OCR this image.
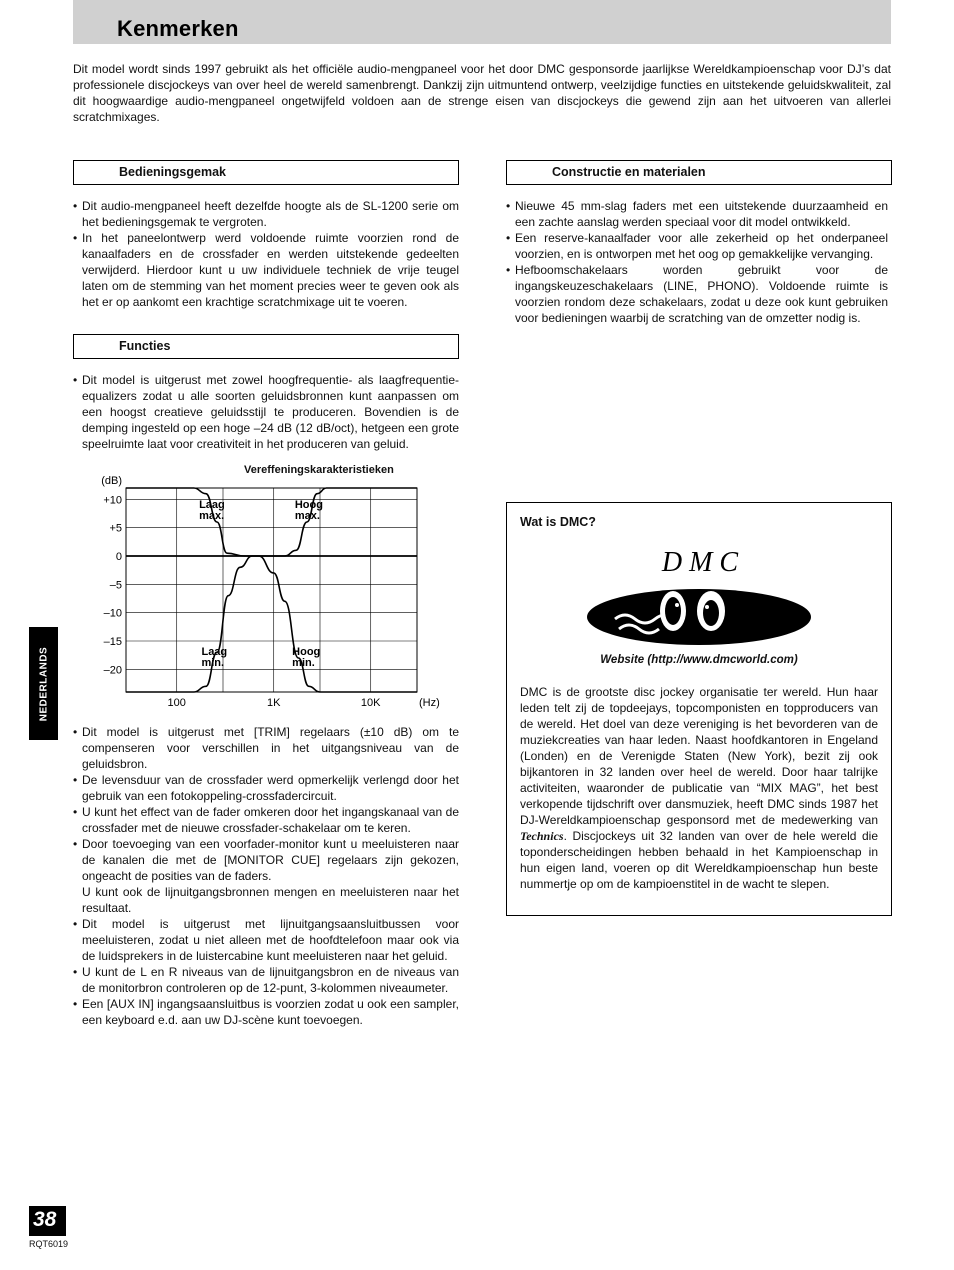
Kenmerken

Dit model wordt sinds 1997 gebruikt als het officiële audio-mengpaneel voor het door DMC gesponsorde jaarlijkse Wereldkampioenschap voor DJ’s dat professionele discjockeys van over heel de wereld samenbrengt. Dankzij zijn uitmuntend ontwerp, veelzijdige functies en uitstekende geluidskwaliteit, zal dit hoogwaardige audio-mengpaneel ongetwijfeld voldoen aan de strenge eisen van discjockeys die gewend zijn aan het uitvoeren van allerlei scratchmixages.

Bedieningsgemak
• Dit audio-mengpaneel heeft dezelfde hoogte als de SL-1200 serie om het bedieningsgemak te vergroten.
• In het paneelontwerp werd voldoende ruimte voorzien rond de kanaalfaders en de crossfader en werden uitstekende gedeelten verwijderd. Hierdoor kunt u uw individuele techniek de vrije teugel laten om de stemming van het moment precies weer te geven ook als het er op aankomt een krachtige scratchmixage uit te voeren.
Functies
• Dit model is uitgerust met zowel hoogfrequentie- als laagfrequentie-equalizers zodat u alle soorten geluidsbronnen kunt aanpassen om een hoogst creatieve geluidsstijl te produceren. Bovendien is de demping ingesteld op een hoge –24 dB (12 dB/oct), hetgeen een grote speelruimte laat voor creativiteit in het produceren van geluid.
Vereffeningskarakteristieken
+10
+5
0
–5
–10
–15
–20
100	1K	10K
(dB)
(Hz)
Laag
max.
Hoog
max.
Laag
min.
Hoog
min.
• Dit model is uitgerust met [TRIM] regelaars (±10 dB) om te compenseren voor verschillen in het uitgangsniveau van de geluidsbron.
• De levensduur van de crossfader werd opmerkelijk verlengd door het gebruik van een fotokoppeling-crossfadercircuit.
• U kunt het effect van de fader omkeren door het ingangskanaal van de crossfader met de nieuwe crossfader-schakelaar om te keren.
• Door toevoeging van een voorfader-monitor kunt u meeluisteren naar de kanalen die met de [MONITOR CUE] regelaars zijn gekozen, ongeacht de posities van de faders.
U kunt ook de lijnuitgangsbronnen mengen en meeluisteren naar het resultaat.
• Dit model is uitgerust met lijnuitgangsaansluitbussen voor meeluisteren, zodat u niet alleen met de hoofdtelefoon maar ook via de luidsprekers in de luistercabine kunt meeluisteren naar het geluid.
• U kunt de L en R niveaus van de lijnuitgangsbron en de niveaus van de monitorbron controleren op de 12-punt, 3-kolommen niveaumeter.
• Een [AUX IN] ingangsaansluitbus is voorzien zodat u ook een sampler, een keyboard e.d. aan uw DJ-scène kunt toevoegen.
Constructie en materialen
• Nieuwe 45 mm-slag faders met een uitstekende duurzaamheid en een zachte aanslag werden speciaal voor dit model ontwikkeld.
• Een reserve-kanaalfader voor alle zekerheid op het onderpaneel voorzien, en is ontworpen met het oog op gemakkelijke vervanging.
• Hefboomschakelaars worden gebruikt voor de ingangskeuzeschakelaars (LINE, PHONO). Voldoende ruimte is voorzien rondom deze schakelaars, zodat u deze ook kunt gebruiken voor bedieningen waarbij de scratching van de omzetter nodig is.
Wat is DMC?
D M C
Website (http://www.dmcworld.com)
DMC is de grootste disc jockey organisatie ter wereld. Hun haar leden telt zij de topdeejays, topcomponisten en topproducers van de wereld. Het doel van deze vereniging is het bevorderen van de muziekcreaties van haar leden. Naast hoofdkantoren in Engeland (Londen) en de Verenigde Staten (New York), bezit zij ook bijkantoren in 32 landen over heel de wereld. Door haar talrijke activiteiten, waaronder de publicatie van “MIX MAG”, het best verkopende tijdschrift over dansmuziek, heeft DMC sinds 1987 het DJ-Wereldkampioenschap gesponsord met de medewerking van Technics. Discjockeys uit 32 landen van over de hele wereld die toponderscheidingen hebben behaald in het Kampioenschap in hun eigen land, voeren op dit Wereldkampioenschap hun beste nummertje op om de kampioenstitel in de wacht te slepen.
NEDERLANDS
38
RQT6019
